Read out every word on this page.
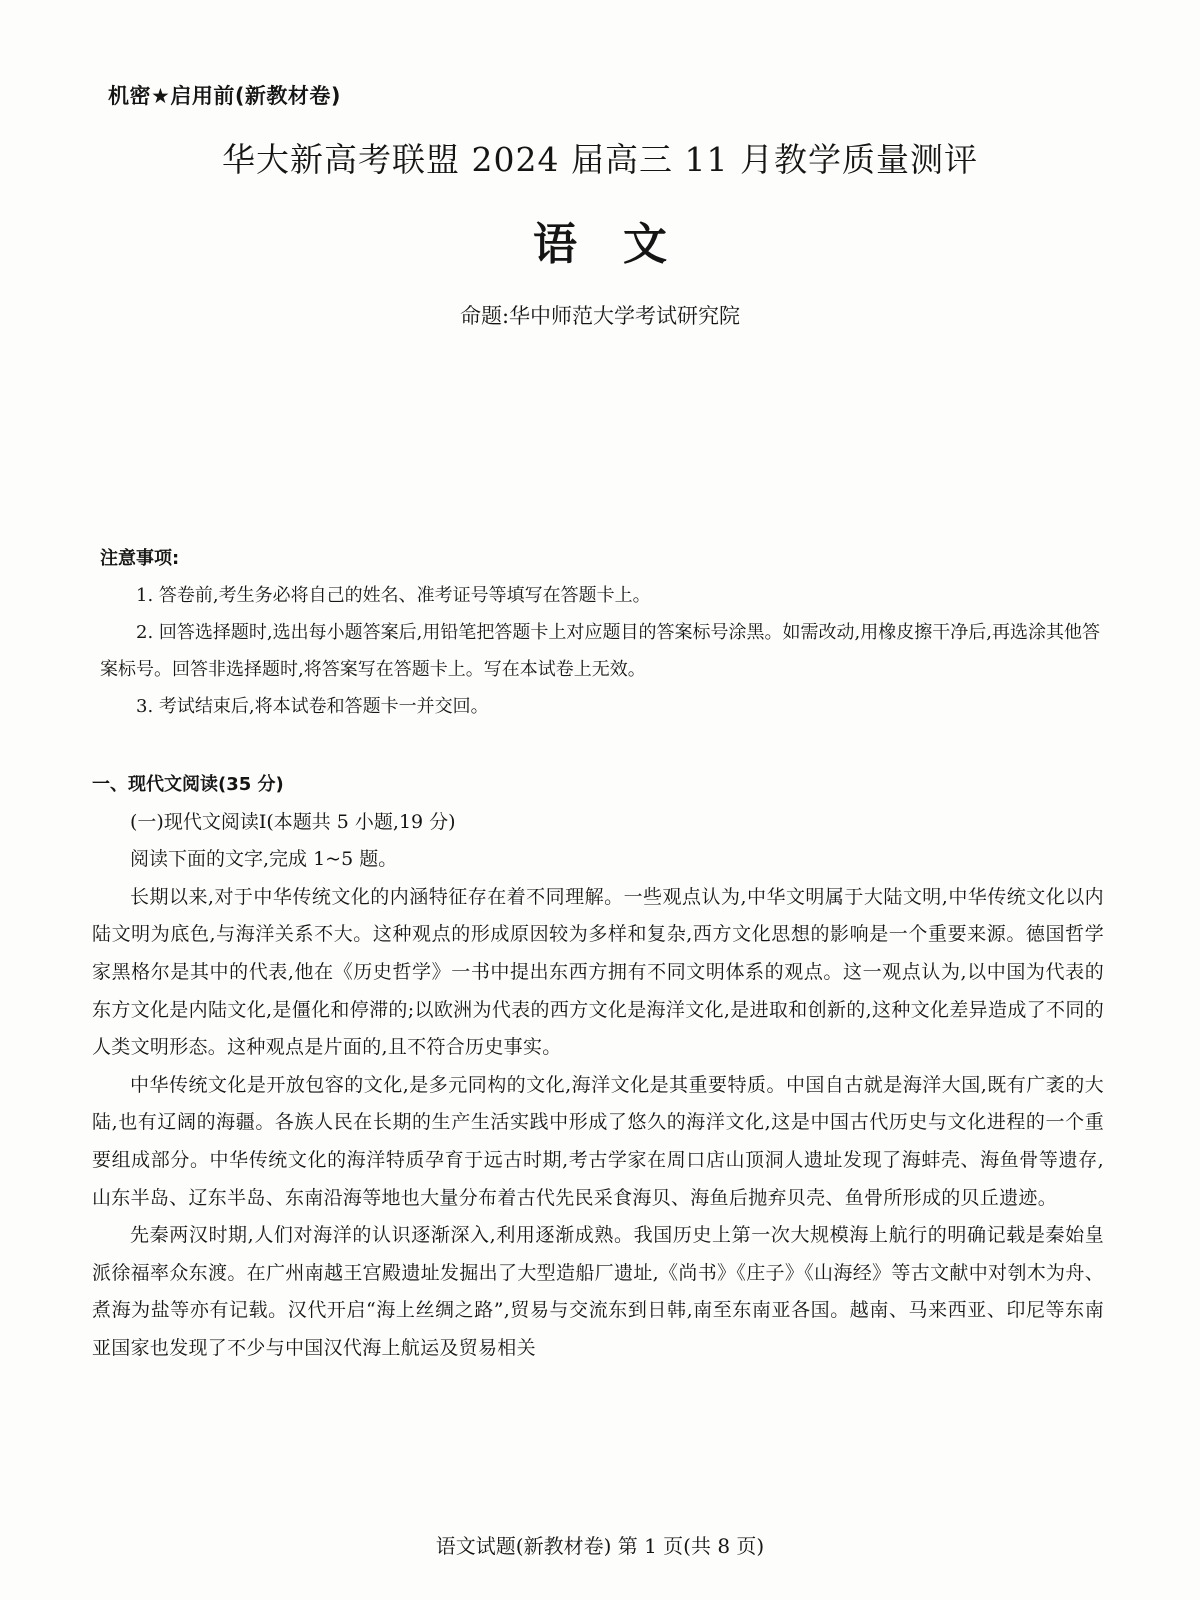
机密★启用前(新教材卷)
华大新高考联盟 2024 届高三 11 月教学质量测评
语文
命题:华中师范大学考试研究院
注意事项:
1. 答卷前,考生务必将自己的姓名、准考证号等填写在答题卡上。
2. 回答选择题时,选出每小题答案后,用铅笔把答题卡上对应题目的答案标号涂黑。如需改动,用橡皮擦干净后,再选涂其他答案标号。回答非选择题时,将答案写在答题卡上。写在本试卷上无效。
3. 考试结束后,将本试卷和答题卡一并交回。
一、现代文阅读(35 分)
(一)现代文阅读Ⅰ(本题共 5 小题,19 分)
阅读下面的文字,完成 1~5 题。
长期以来,对于中华传统文化的内涵特征存在着不同理解。一些观点认为,中华文明属于大陆文明,中华传统文化以内陆文明为底色,与海洋关系不大。这种观点的形成原因较为多样和复杂,西方文化思想的影响是一个重要来源。德国哲学家黑格尔是其中的代表,他在《历史哲学》一书中提出东西方拥有不同文明体系的观点。这一观点认为,以中国为代表的东方文化是内陆文化,是僵化和停滞的;以欧洲为代表的西方文化是海洋文化,是进取和创新的,这种文化差异造成了不同的人类文明形态。这种观点是片面的,且不符合历史事实。
中华传统文化是开放包容的文化,是多元同构的文化,海洋文化是其重要特质。中国自古就是海洋大国,既有广袤的大陆,也有辽阔的海疆。各族人民在长期的生产生活实践中形成了悠久的海洋文化,这是中国古代历史与文化进程的一个重要组成部分。中华传统文化的海洋特质孕育于远古时期,考古学家在周口店山顶洞人遗址发现了海蚌壳、海鱼骨等遗存,山东半岛、辽东半岛、东南沿海等地也大量分布着古代先民采食海贝、海鱼后抛弃贝壳、鱼骨所形成的贝丘遗迹。
先秦两汉时期,人们对海洋的认识逐渐深入,利用逐渐成熟。我国历史上第一次大规模海上航行的明确记载是秦始皇派徐福率众东渡。在广州南越王宫殿遗址发掘出了大型造船厂遗址,《尚书》《庄子》《山海经》等古文献中对刳木为舟、煮海为盐等亦有记载。汉代开启“海上丝绸之路”,贸易与交流东到日韩,南至东南亚各国。越南、马来西亚、印尼等东南亚国家也发现了不少与中国汉代海上航运及贸易相关
语文试题(新教材卷) 第 1 页(共 8 页)
